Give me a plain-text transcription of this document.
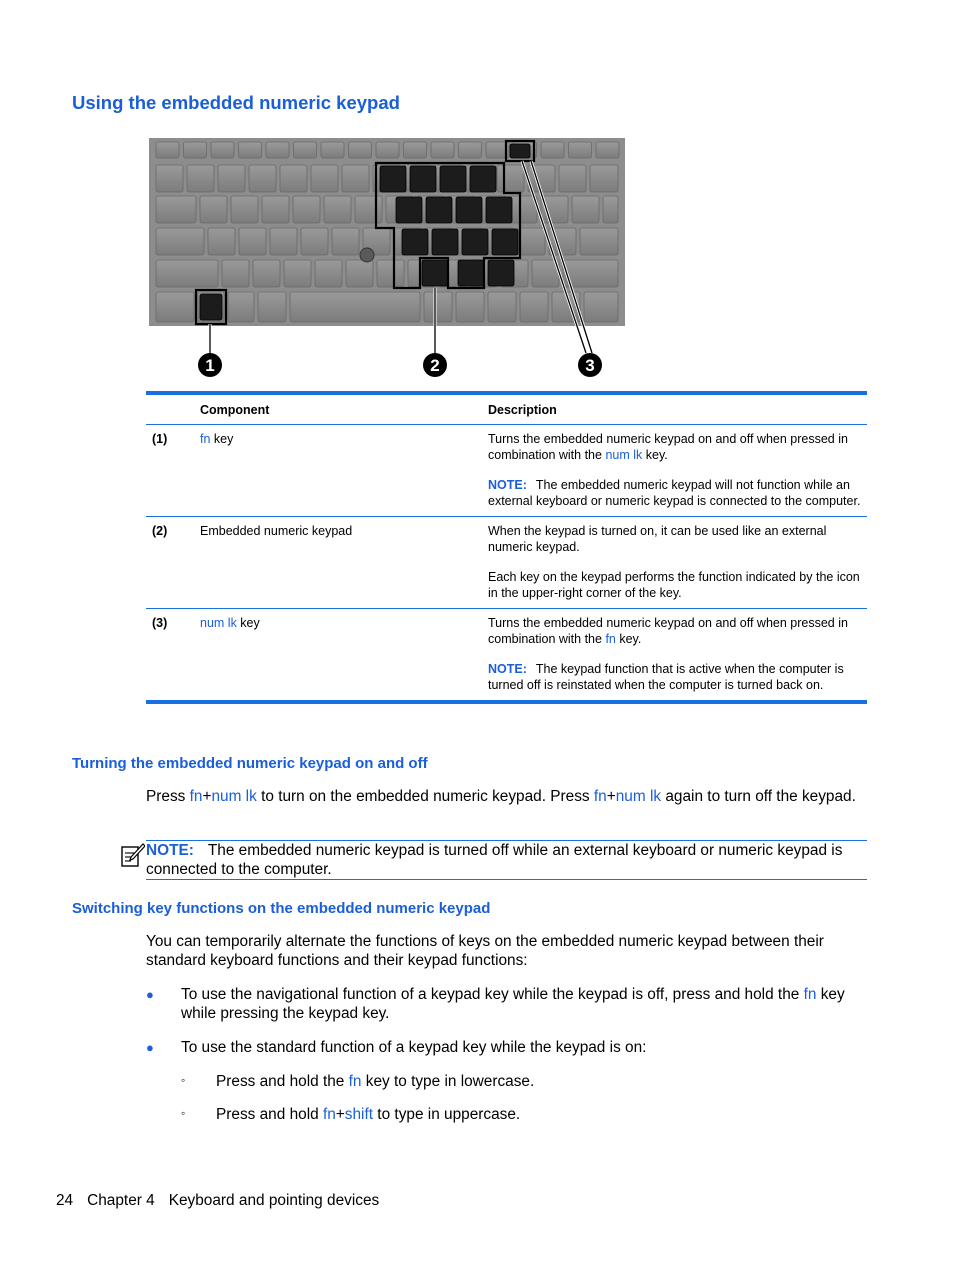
Using the embedded numeric keypad
1	2	3
Component	Description
(1)	fn key	Turns the embedded numeric keypad on and off when pressed in combination with the num lk key.

NOTE: The embedded numeric keypad will not function while an external keyboard or numeric keypad is connected to the computer.

(2)	Embedded numeric keypad	When the keypad is turned on, it can be used like an external numeric keypad.

Each key on the keypad performs the function indicated by the icon in the upper-right corner of the key.

(3)	num lk key	Turns the embedded numeric keypad on and off when pressed in combination with the fn key.

NOTE: The keypad function that is active when the computer is turned off is reinstated when the computer is turned back on.

Turning the embedded numeric keypad on and off

Press fn+num lk to turn on the embedded numeric keypad. Press fn+num lk again to turn off the keypad.

NOTE: The embedded numeric keypad is turned off while an external keyboard or numeric keypad is connected to the computer.
Switching key functions on the embedded numeric keypad

You can temporarily alternate the functions of keys on the embedded numeric keypad between their standard keyboard functions and their keypad functions:

● To use the navigational function of a keypad key while the keypad is off, press and hold the fn key while pressing the keypad key.
● To use the standard function of a keypad key while the keypad is on:
◦ Press and hold the fn key to type in lowercase.
◦ Press and hold fn+shift to type in uppercase.
24 Chapter 4 Keyboard and pointing devices
